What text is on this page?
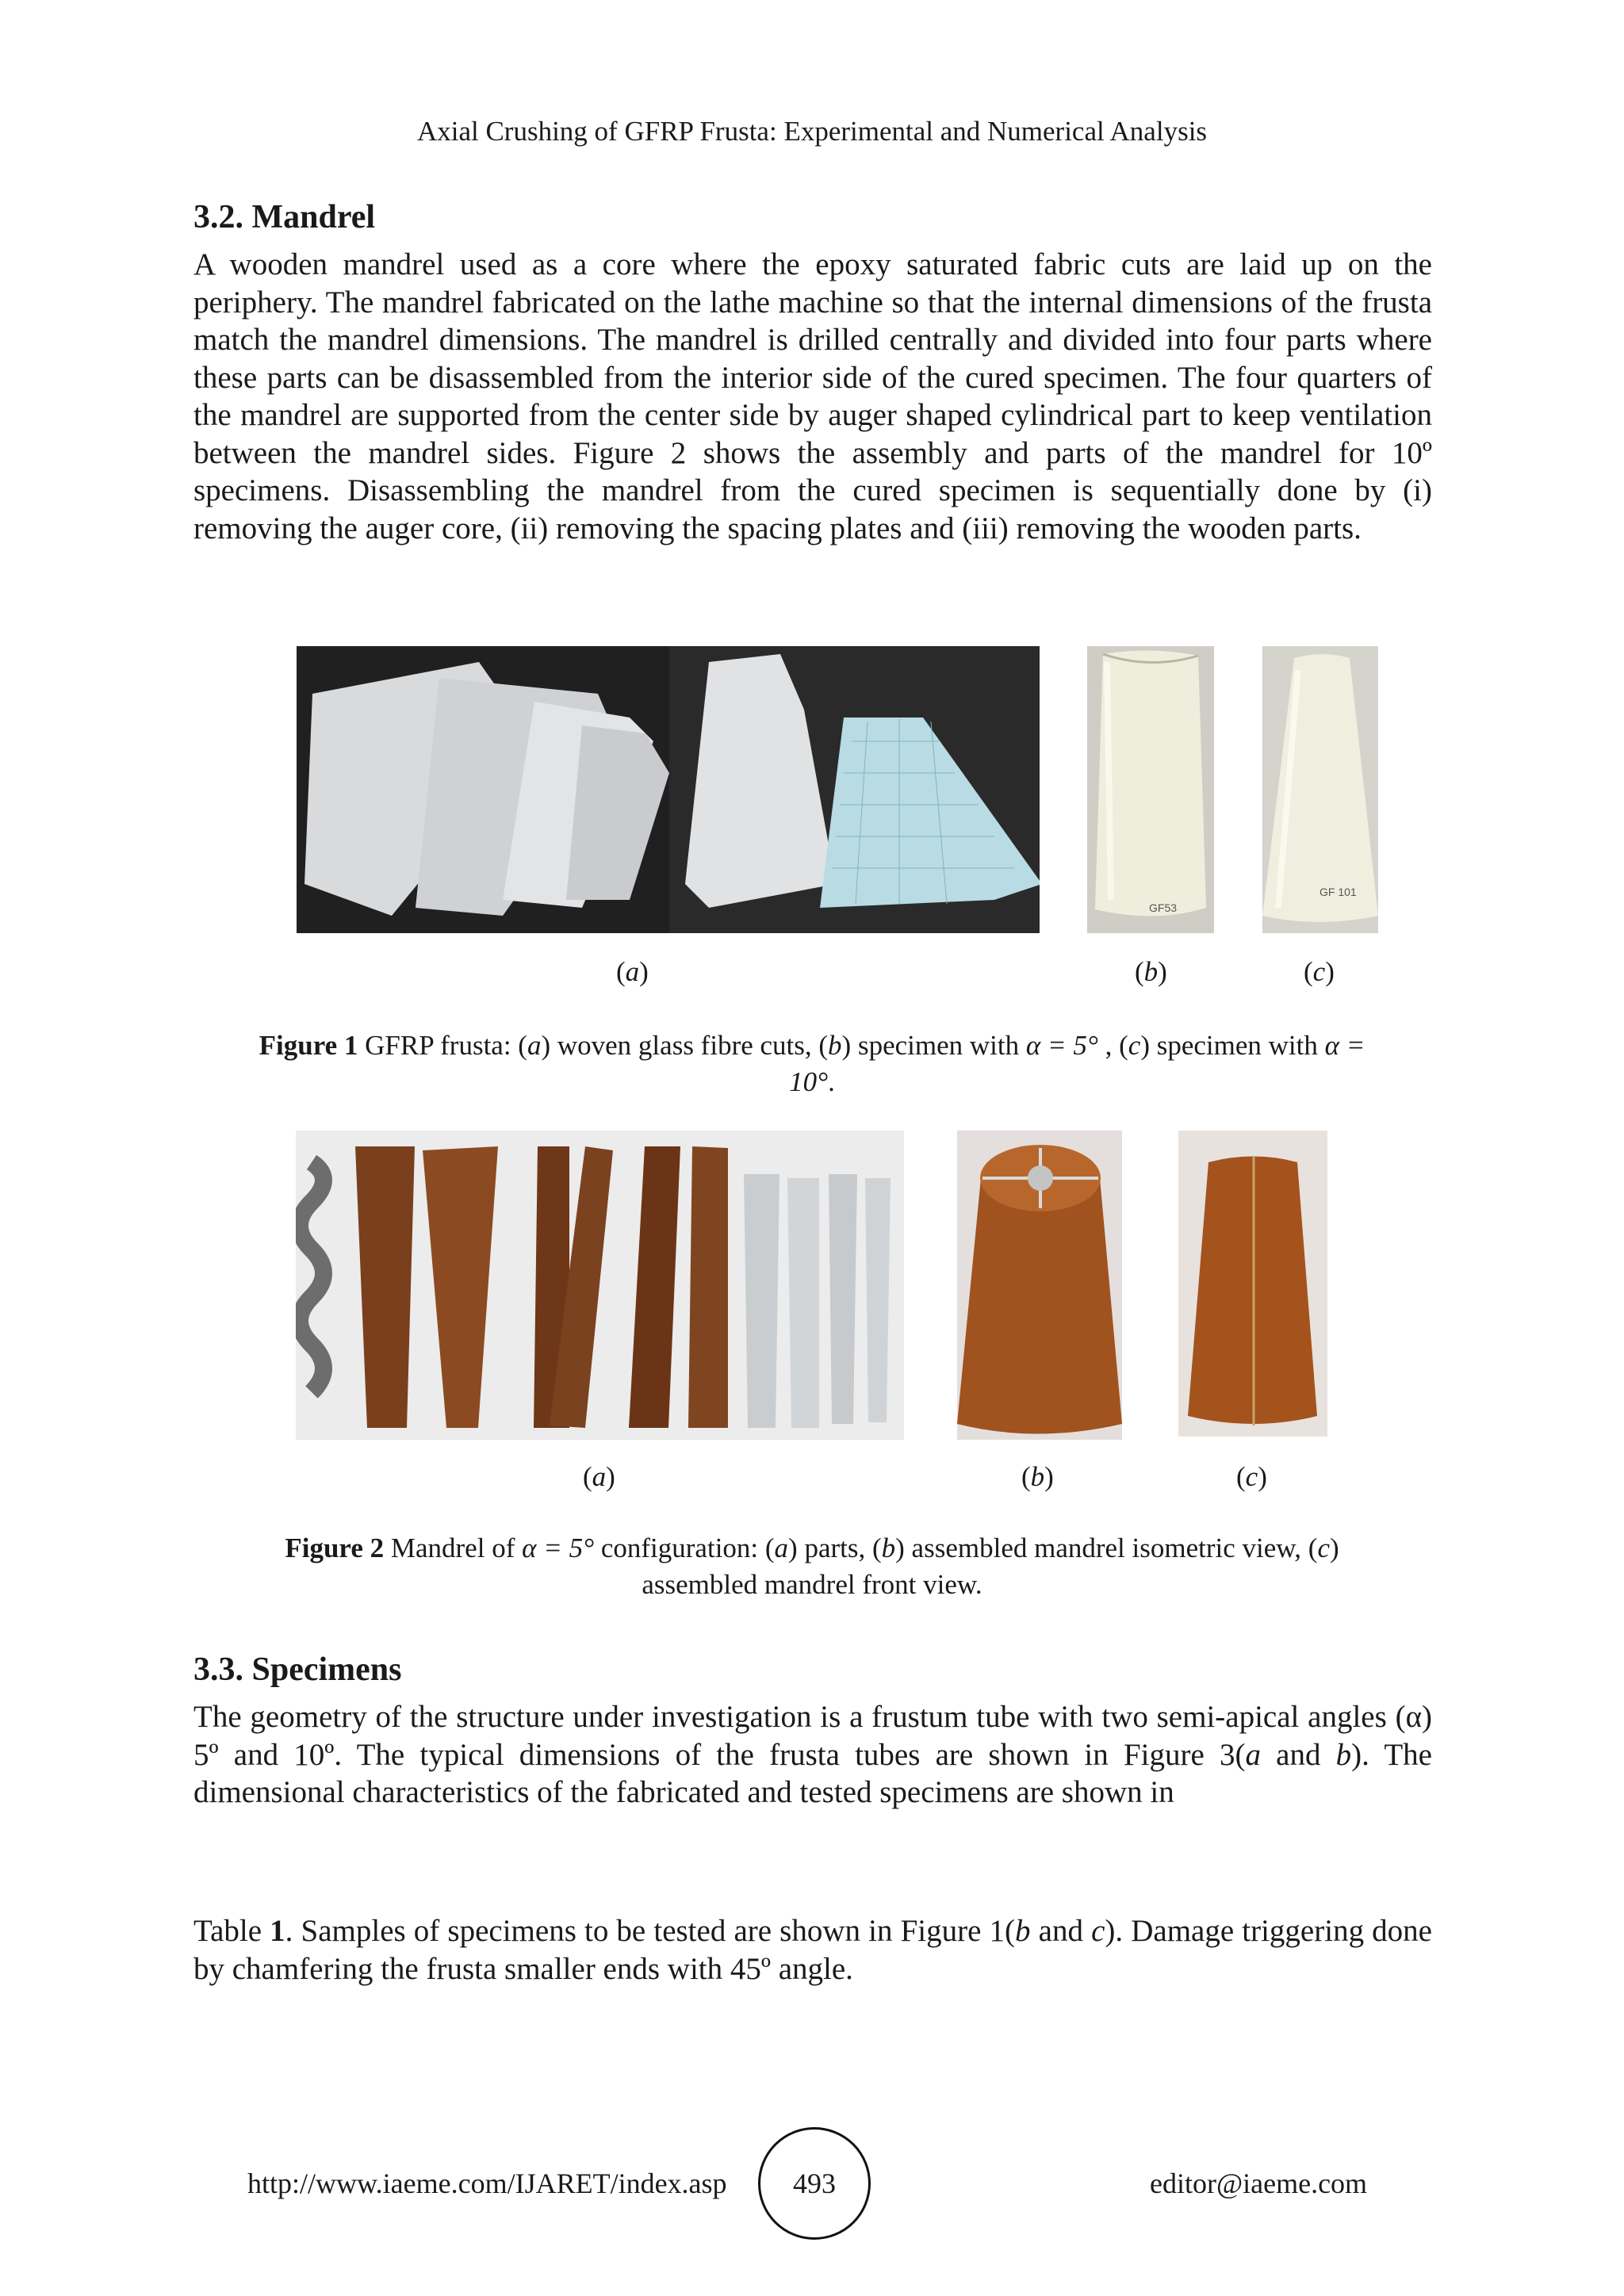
Axial Crushing of GFRP Frusta: Experimental and Numerical Analysis
3.2. Mandrel
A wooden mandrel used as a core where the epoxy saturated fabric cuts are laid up on the periphery. The mandrel fabricated on the lathe machine so that the internal dimensions of the frusta match the mandrel dimensions. The mandrel is drilled centrally and divided into four parts where these parts can be disassembled from the interior side of the cured specimen. The four quarters of the mandrel are supported from the center side by auger shaped cylindrical part to keep ventilation between the mandrel sides. Figure 2 shows the assembly and parts of the mandrel for 10º specimens. Disassembling the mandrel from the cured specimen is sequentially done by (i) removing the auger core, (ii) removing the spacing plates and (iii) removing the wooden parts.
GF53
GF 101
(a)	(b)	(c)
Figure 1 GFRP frusta: (a) woven glass fibre cuts, (b) specimen with α = 5° , (c) specimen with α = 10°.
(a)	(b)	(c)
Figure 2 Mandrel of α = 5° configuration: (a) parts, (b) assembled mandrel isometric view, (c) assembled mandrel front view.
3.3. Specimens
The geometry of the structure under investigation is a frustum tube with two semi-apical angles (α) 5º and 10º. The typical dimensions of the frusta tubes are shown in Figure 3(a and b). The dimensional characteristics of the fabricated and tested specimens are shown in
Table 1. Samples of specimens to be tested are shown in Figure 1(b and c). Damage triggering done by chamfering the frusta smaller ends with 45º angle.
http://www.iaeme.com/IJARET/index.asp	493	editor@iaeme.com
